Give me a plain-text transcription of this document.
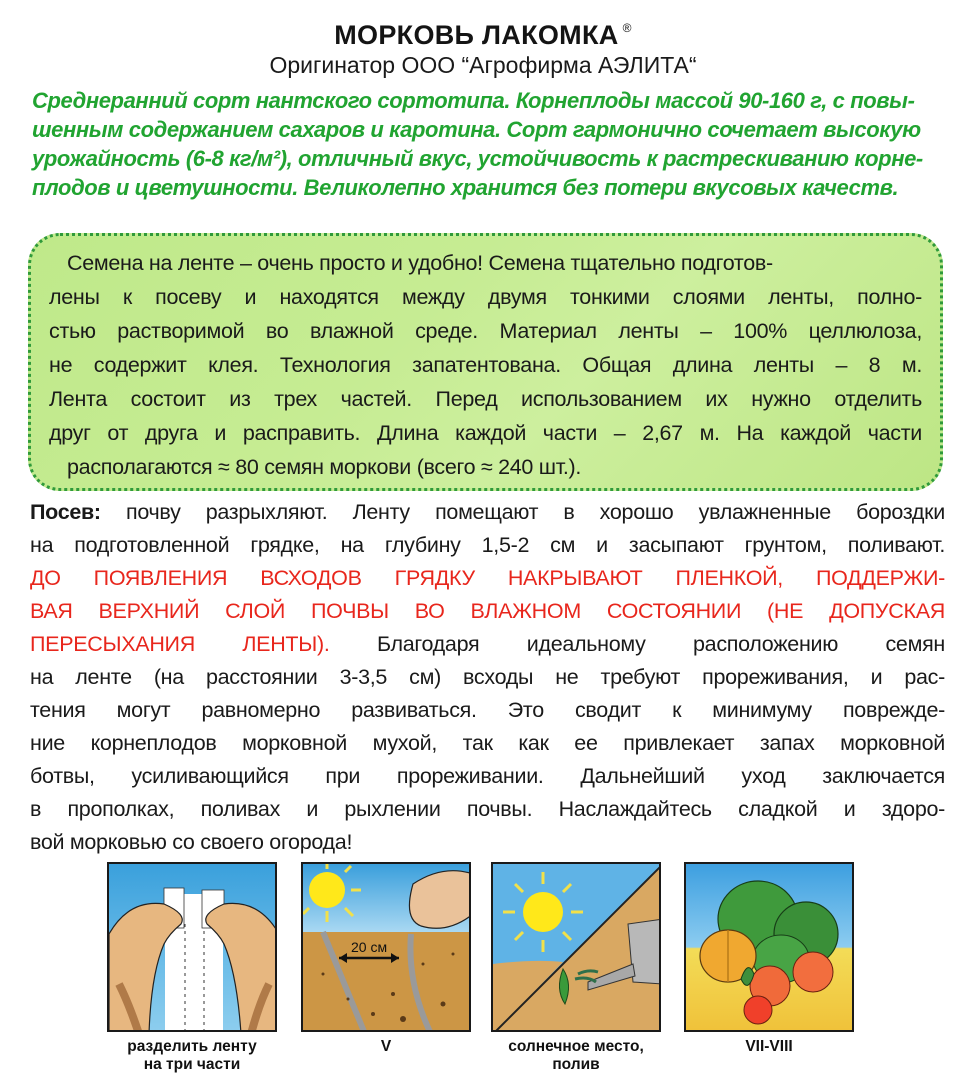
МОРКОВЬ ЛАКОМКА ®
Оригинатор ООО “Агрофирма АЭЛИТА“
Среднеранний сорт нантского сортотипа. Корнеплоды массой 90-160 г, с повы-
шенным содержанием сахаров и каротина. Сорт гармонично сочетает высокую
урожайность (6-8 кг/м²), отличный вкус, устойчивость к растрескиванию корне-
плодов и цветушности. Великолепно хранится без потери вкусовых качеств.
Семена на ленте – очень просто и удобно! Семена тщательно подготов-
лены к посеву и находятся между двумя тонкими слоями ленты, полно-
стью растворимой во влажной среде. Материал ленты – 100% целлюлоза,
не содержит клея. Технология запатентована. Общая длина ленты – 8 м.
Лента состоит из трех частей. Перед использованием их нужно отделить
друг от друга и расправить. Длина каждой части – 2,67 м. На каждой части
располагаются ≈ 80 семян моркови (всего ≈ 240 шт.).
Посев: почву разрыхляют. Ленту помещают в хорошо увлажненные бороздки
на подготовленной грядке, на глубину 1,5-2 см и засыпают грунтом, поливают.
ДО ПОЯВЛЕНИЯ ВСХОДОВ ГРЯДКУ НАКРЫВАЮТ ПЛЕНКОЙ, ПОДДЕРЖИ-
ВАЯ ВЕРХНИЙ СЛОЙ ПОЧВЫ ВО ВЛАЖНОМ СОСТОЯНИИ (НЕ ДОПУСКАЯ
ПЕРЕСЫХАНИЯ ЛЕНТЫ). Благодаря идеальному расположению семян
на ленте (на расстоянии 3-3,5 см) всходы не требуют прореживания, и рас-
тения могут равномерно развиваться. Это сводит к минимуму поврежде-
ние корнеплодов морковной мухой, так как ее привлекает запах морковной
ботвы, усиливающийся при прореживании. Дальнейший уход заключается
в прополках, поливах и рыхлении почвы. Наслаждайтесь сладкой и здоро-
вой морковью со своего огорода!
разделить ленту
на три части
20 см
V	солнечное место,
полив
VII-VIII
